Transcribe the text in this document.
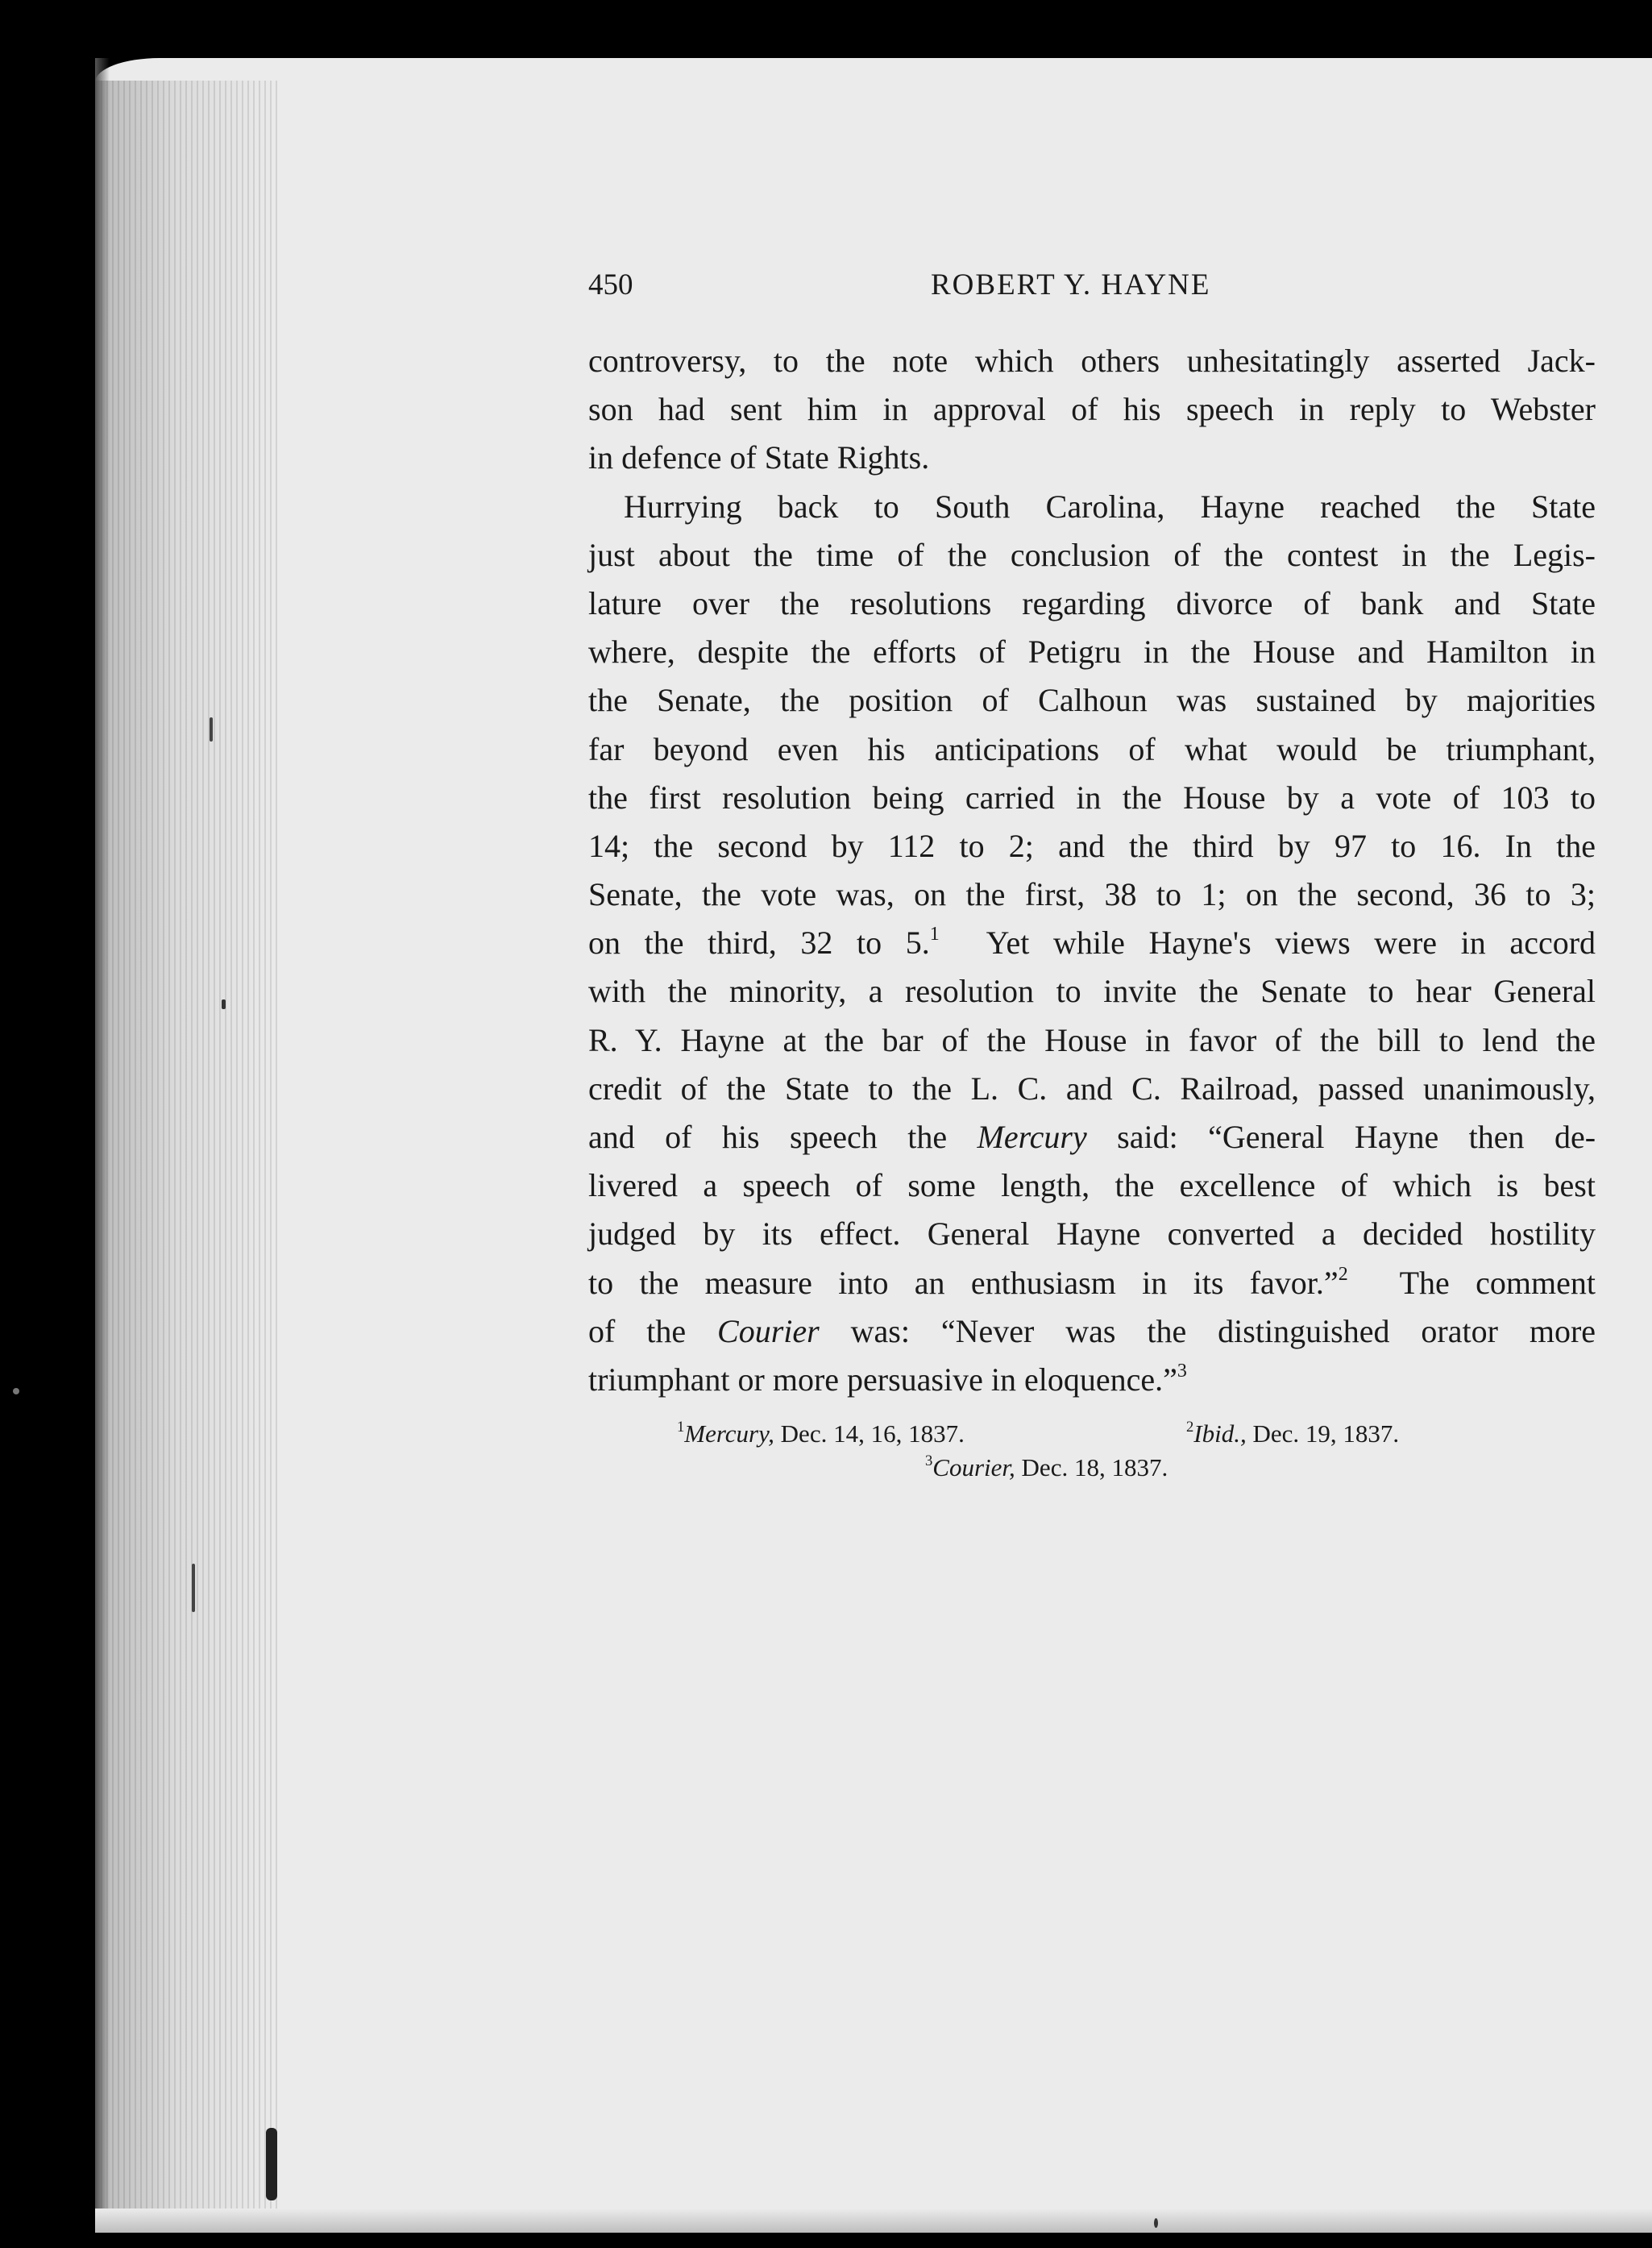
450	ROBERT Y. HAYNE
controversy, to the note which others unhesitatingly asserted Jack-
son had sent him in approval of his speech in reply to Webster
in defence of State Rights.
Hurrying back to South Carolina, Hayne reached the State
just about the time of the conclusion of the contest in the Legis-
lature over the resolutions regarding divorce of bank and State
where, despite the efforts of Petigru in the House and Hamilton in
the Senate, the position of Calhoun was sustained by majorities
far beyond even his anticipations of what would be triumphant,
the first resolution being carried in the House by a vote of 103 to
14; the second by 112 to 2; and the third by 97 to 16. In the
Senate, the vote was, on the first, 38 to 1; on the second, 36 to 3;
on the third, 32 to 5.$^1$ Yet while Hayne's views were in accord
with the minority, a resolution to invite the Senate to hear General
R. Y. Hayne at the bar of the House in favor of the bill to lend the
credit of the State to the L. C. and C. Railroad, passed unanimously,
and of his speech the Mercury said: “General Hayne then de-
livered a speech of some length, the excellence of which is best
judged by its effect. General Hayne converted a decided hostility
to the measure into an enthusiasm in its favor.”$^2$ The comment
of the Courier was: “Never was the distinguished orator more
triumphant or more persuasive in eloquence.”$^3$
$^1$Mercury, Dec. 14, 16, 1837.	$^2$Ibid., Dec. 19, 1837.
$^3$Courier, Dec. 18, 1837.
